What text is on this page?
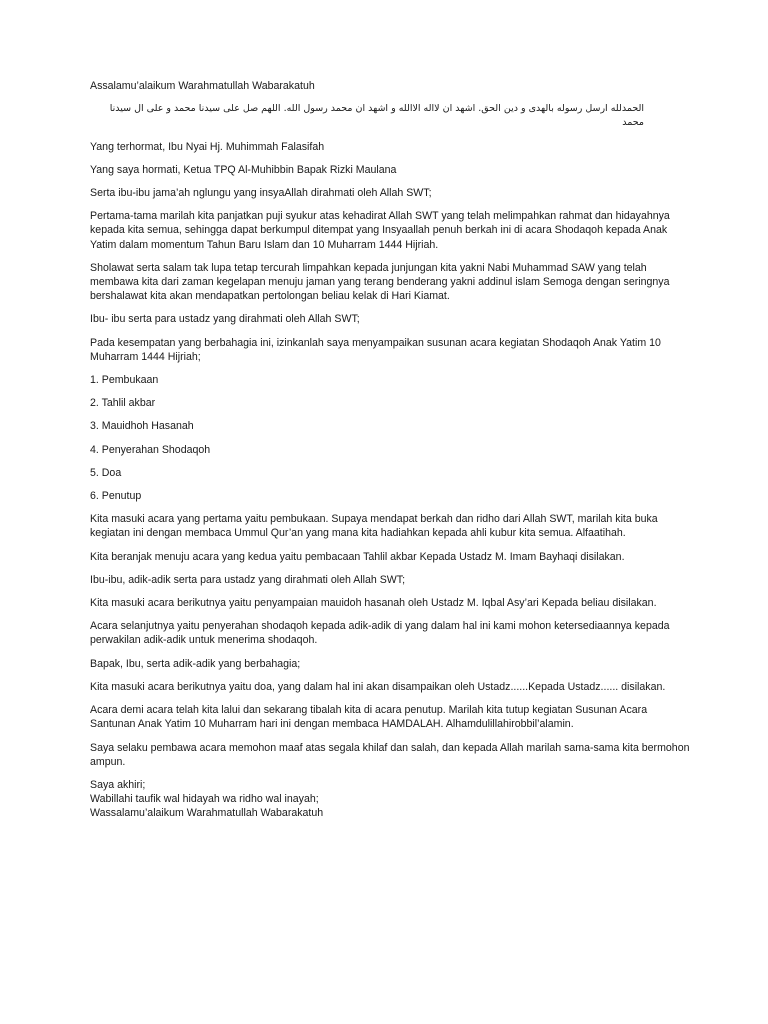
Assalamu’alaikum Warahmatullah Wabarakatuh

الحمدلله ارسل رسوله بالهدى و دين الحق. اشهد ان لااله الاالله و اشهد ان محمد رسول الله. اللهم صل على سيدنا محمد و على ال سيدنا محمد

Yang terhormat, Ibu Nyai Hj. Muhimmah Falasifah

Yang saya hormati, Ketua TPQ Al-Muhibbin Bapak Rizki Maulana

Serta ibu-ibu jama’ah nglungu yang insyaAllah dirahmati oleh Allah SWT;

Pertama-tama marilah kita panjatkan puji syukur atas kehadirat Allah SWT yang telah melimpahkan rahmat dan hidayahnya kepada kita semua, sehingga dapat berkumpul ditempat yang Insyaallah penuh berkah ini di acara Shodaqoh kepada Anak Yatim dalam momentum Tahun Baru Islam dan 10 Muharram 1444 Hijriah.

Sholawat serta salam tak lupa tetap tercurah limpahkan kepada junjungan kita yakni Nabi Muhammad SAW yang telah membawa kita dari zaman kegelapan menuju jaman yang terang benderang yakni addinul islam Semoga dengan seringnya bershalawat kita akan mendapatkan pertolongan beliau kelak di Hari Kiamat.

Ibu- ibu serta para ustadz yang dirahmati oleh Allah SWT;

Pada kesempatan yang berbahagia ini, izinkanlah saya menyampaikan susunan acara kegiatan Shodaqoh Anak Yatim 10 Muharram 1444 Hijriah;

1. Pembukaan

2. Tahlil akbar

3. Mauidhoh Hasanah

4. Penyerahan Shodaqoh

5. Doa

6. Penutup

Kita masuki acara yang pertama yaitu pembukaan. Supaya mendapat berkah dan ridho dari Allah SWT, marilah kita buka kegiatan ini dengan membaca Ummul Qur’an yang mana kita hadiahkan kepada ahli kubur kita semua. Alfaatihah.

Kita beranjak menuju acara yang kedua yaitu pembacaan Tahlil akbar Kepada Ustadz M. Imam Bayhaqi disilakan.

Ibu-ibu, adik-adik serta para ustadz yang dirahmati oleh Allah SWT;

Kita masuki acara berikutnya yaitu penyampaian mauidoh hasanah oleh Ustadz M. Iqbal Asy’ari Kepada beliau disilakan.

Acara selanjutnya yaitu penyerahan shodaqoh kepada adik-adik di yang dalam hal ini kami mohon ketersediaannya kepada perwakilan adik-adik untuk menerima shodaqoh.

Bapak, Ibu, serta adik-adik yang berbahagia;

Kita masuki acara berikutnya yaitu doa, yang dalam hal ini akan disampaikan oleh Ustadz......Kepada Ustadz...... disilakan.

Acara demi acara telah kita lalui dan sekarang tibalah kita di acara penutup. Marilah kita tutup kegiatan Susunan Acara Santunan Anak Yatim 10 Muharram hari ini dengan membaca HAMDALAH. Alhamdulillahirobbil’alamin.

Saya selaku pembawa acara memohon maaf atas segala khilaf dan salah, dan kepada Allah marilah sama-sama kita bermohon ampun.

Saya akhiri;
Wabillahi taufik wal hidayah wa ridho wal inayah;
Wassalamu’alaikum Warahmatullah Wabarakatuh
